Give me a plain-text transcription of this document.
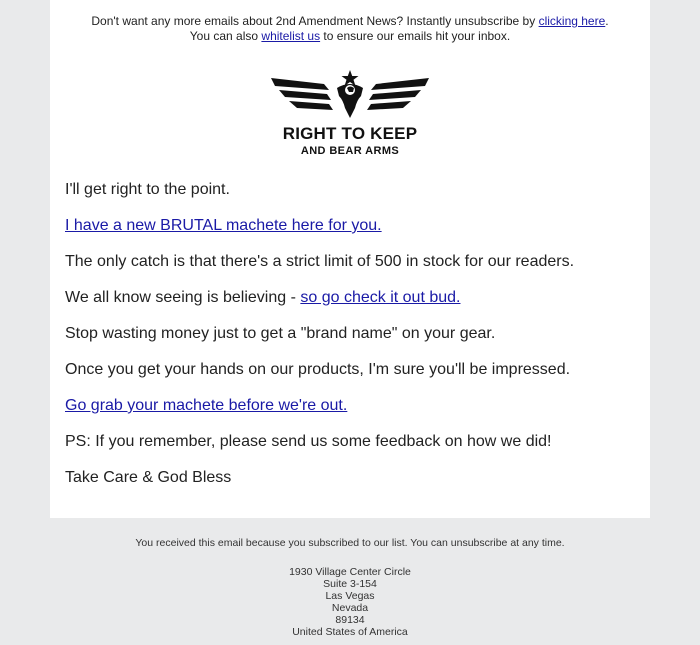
Don't want any more emails about 2nd Amendment News? Instantly unsubscribe by clicking here.
You can also whitelist us to ensure our emails hit your inbox.
RIGHT TO KEEP
AND BEAR ARMS

I'll get right to the point.

I have a new BRUTAL machete here for you.

The only catch is that there's a strict limit of 500 in stock for our readers.

We all know seeing is believing - so go check it out bud.

Stop wasting money just to get a "brand name" on your gear.

Once you get your hands on our products, I'm sure you'll be impressed.

Go grab your machete before we're out.

PS: If you remember, please send us some feedback on how we did!

Take Care & God Bless

You received this email because you subscribed to our list. You can unsubscribe at any time.
1930 Village Center Circle
Suite 3-154
Las Vegas
Nevada
89134
United States of America
